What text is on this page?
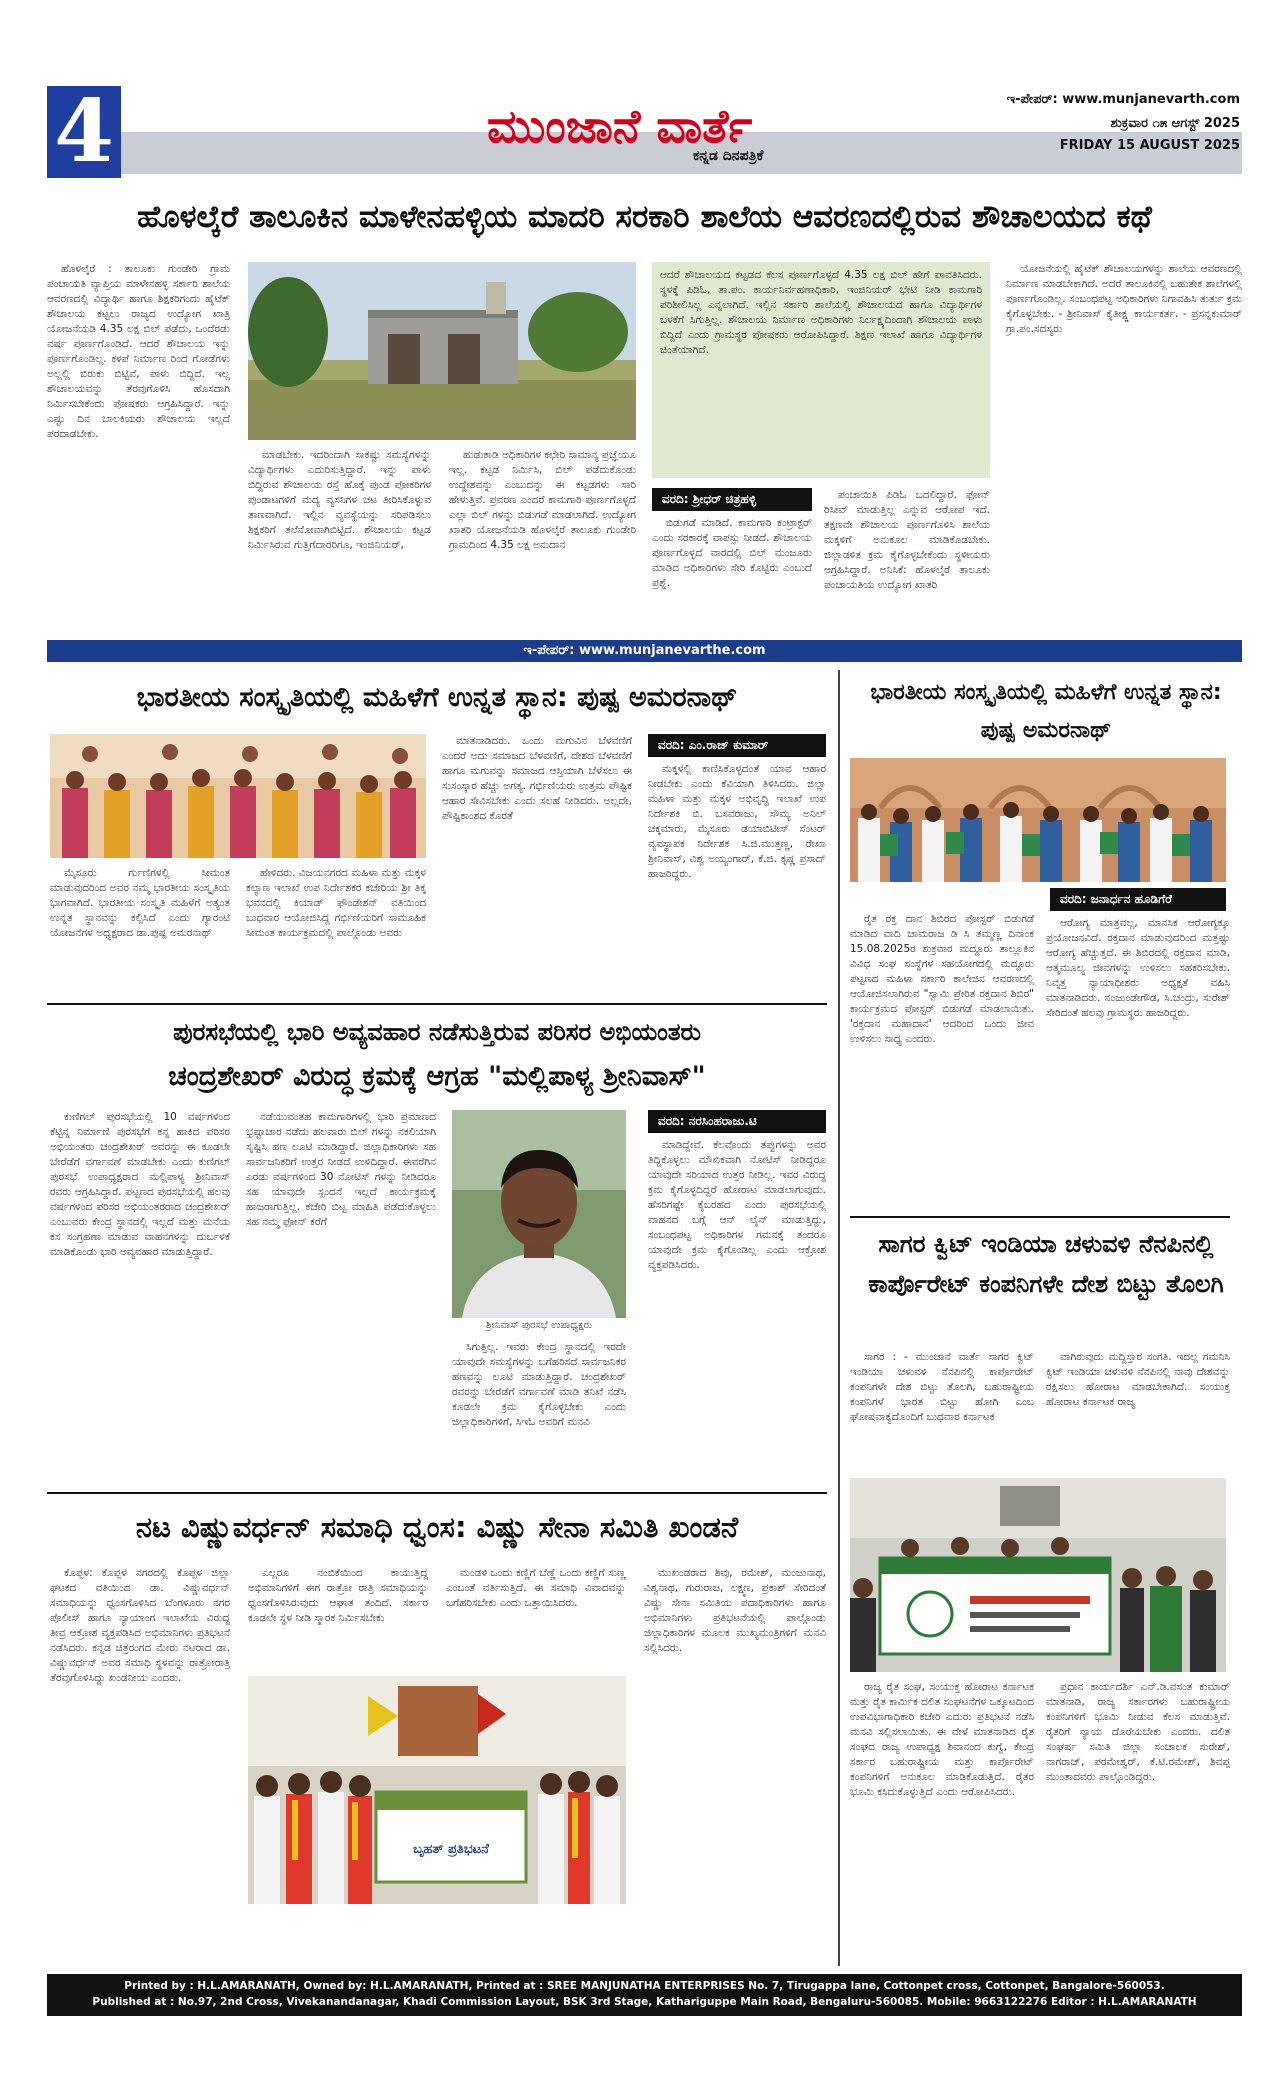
4	ಮುಂಜಾನೆ ವಾರ್ತೆ
ಕನ್ನಡ ದಿನಪತ್ರಿಕೆ
ಇ-ಪೇಪರ್: www.munjanevarth.com
ಶುಕ್ರವಾರ ೧೫ ಆಗಸ್ಟ್ 2025
FRIDAY 15 AUGUST 2025
ಹೊಳಲ್ಕೆರೆ ತಾಲೂಕಿನ ಮಾಳೇನಹಳ್ಳಿಯ ಮಾದರಿ ಸರಕಾರಿ ಶಾಲೆಯ ಆವರಣದಲ್ಲಿರುವ ಶೌಚಾಲಯದ ಕಥೆ

ಹೊಳಲ್ಕೆರೆ : ತಾಲೂಕು ಗುಂಡೇರಿ ಗ್ರಾಮ ಪಂಚಾಯತಿ ವ್ಯಾಪ್ತಿಯ ಮಾಳೇನಹಳ್ಳಿ ಸರ್ಕಾರಿ ಶಾಲೆಯ ಆವರಣದಲ್ಲಿ ವಿದ್ಯಾರ್ಥಿ ಹಾಗೂ ಶಿಕ್ಷಕರಿಗಂದು ಹೈಟೆಕ್ ಶೌಚಾಲಯ ಕಟ್ಟಲು ರಾಜ್ಯದ ಉದ್ಯೋಗ ಖಾತ್ರಿ ಯೋಜನೆಯಡಿ 4.35 ಲಕ್ಷ ಬಿಲ್ ಪಡೆದು, ಒಂದೆರಡು ವರ್ಷ ಪೂರ್ಣಗೊಂಡಿದೆ. ಆದರೆ ಶೌಚಾಲಯ ಇನ್ನು ಪೂರ್ಣಗೊಂಡಿಲ್ಲ. ಕಳಪೆ ನಿರ್ಮಾಣ ರಿಂದ ಗೋಡೆಗಳು ಅಲ್ಲಲ್ಲಿ ಬಿರುಕು ಬಿಟ್ಟಿವೆ, ಪಾಳು ಬಿದ್ದಿದೆ. ಇಲ್ಲ ಶೌಚಾಲಯವನ್ನು ತೆರವುಗೊಳಿಸಿ ಹೊಸದಾಗಿ ನಿರ್ಮಿಸಬೇಕೆಂದು ಪೋಷಕರು ಆಗ್ರಹಿಸಿದ್ದಾರೆ. ಇನ್ನು ಎಷ್ಟು ದಿನ ಬಾಲಕಿಯರು ಶೌಚಾಲಯ ಇಲ್ಲದೆ ಪರದಾಡಬೇಕು.

ಮಾಡಬೇಕು. ಇದರಿಂದಾಗಿ ಸಾಕಷ್ಟು ಸಮಸ್ಯೆಗಳನ್ನು ವಿದ್ಯಾರ್ಥಿಗಳು ಎದುರಿಸುತ್ತಿದ್ದಾರೆ. ಇನ್ನು ಪಾಳು ಬಿದ್ದಿರುವ ಶೌಚಾಲಯ ರಸ್ತೆ ಹೊಕ್ಕೆ ಪುಂಡ ಪೋಕರಿಗಳ ಪುಂಡಾಟಗಳಿಗೆ ಮದ್ಯ ವ್ಯಸನಿಗಳ ಚಟ ತೀರಿಸಿಕೊಳ್ಳುವ ತಾಣವಾಗಿದೆ. ಇಲ್ಲಿನ ವ್ಯವಸ್ಥೆಯನ್ನು ಸರಿಪಡಿಸಲು ಶಿಕ್ಷಕರಿಗೆ ತಲೆನೋವಾಗಿಬಿಟ್ಟಿದೆ. ಶೌಚಾಲಯ ಕಟ್ಟಡ ನಿರ್ಮಿಸಿರುವ ಗುತ್ತಿಗೆದಾರರಿಗೂ, ಇಂಜಿನಿಯರ್,

ಹುಡುಕಾಡಿ ಅಧಿಕಾರಿಗಳ ಕಛೇರಿ ಸಾಮಾನ್ಯ ಪ್ರಜ್ಞೆಯೂ ಇಲ್ಲ. ಕಟ್ಟಡ ನಿರ್ಮಿಸಿ, ಬಿಲ್ ಪಡೆದುಕೊಂಡು ಉದ್ದೇಶವನ್ನು ಎಂಬುದನ್ನು ಈ ಕಟ್ಟಡಗಳು ಸಾರಿ ಹೇಳುತ್ತಿವೆ. ಪ್ರವರಣ ಎಂದರೆ ಕಾಮಗಾರಿ ಪೂರ್ಣಗೊಳ್ಳದೆ ಎಲ್ಲಾ ಬಿಲ್ ಗಳನ್ನು ಬಿಡುಗಡೆ ಮಾಡಲಾಗಿದೆ. ಉದ್ಯೋಗ ಖಾತರಿ ಯೋಜನೆಯಡಿ ಹೊಳಲ್ಕೆರೆ ತಾಲೂಕು ಗುಂಡೇರಿ ಗ್ರಾಮದಿಂದ 4.35 ಲಕ್ಷ ಅನುದಾನ

ಆದರೆ ಶೌಚಾಲಯದ ಕಟ್ಟಡದ ಕೆಲಸ ಪೂರ್ಣಗೊಳ್ಳದೆ 4.35 ಲಕ್ಷ ಬಿಲ್ ಹೇಗೆ ಪಾವತಿಸಿದರು. ಸ್ಥಳಕ್ಕೆ ಪಿಡಿಓ, ತಾ.ಪಂ. ಕಾರ್ಯನಿರ್ವಹಣಾಧಿಕಾರಿ, ಇಂಜಿನಿಯರ್ ಭೇಟಿ ನೀಡಿ ಕಾಮಗಾರಿ ಪರಿಶೀಲಿಸಿಲ್ಲ ಎನ್ನಲಾಗಿದೆ. ಇಲ್ಲಿನ ಸರ್ಕಾರಿ ಶಾಲೆಯಲ್ಲಿ ಶೌಚಾಲಯದ ಹಾಗೂ ವಿದ್ಯಾರ್ಥಿಗಳ ಬಳಕೆಗೆ ಸಿಗುತ್ತಿಲ್ಲ. ಶೌಚಾಲಯ ನಿರ್ಮಾಣ ಅಧಿಕಾರಿಗಳು ನಿರ್ಲಕ್ಷ್ಯದಿಂದಾಗಿ ಶೌಚಾಲಯ ಪಾಳು ಬಿದ್ದಿದೆ ಎಂದು ಗ್ರಾಮಸ್ಥರ ಪೋಷಕರು ಆರೋಪಿಸಿದ್ದಾರೆ. ಶಿಕ್ಷಣ ಇಲಾಖೆ ಹಾಗೂ ವಿದ್ಯಾರ್ಥಿಗಳ ಚಿಂತೆಯಾಗಿದೆ.
ವರದಿ: ಶ್ರೀಧರ್ ಚಿತ್ರಹಳ್ಳಿ

ಬಿಡುಗಡೆ ಮಾಡಿದೆ. ಕಾಮಗಾರಿ ಕಂಟ್ರಾಕ್ಟರ್ ಎಂದು ಸರಕಾರಕ್ಕೆ ವಾಪಸ್ಸು ನೀಡದೆ. ಶೌಚಾಲಯ ಪೂರ್ಣಗೊಳ್ಳದೆ ವಾರದಲ್ಲಿ ಬಿಲ್ ಮಂಜೂರು ಮಾಡಿದ ಅಧಿಕಾರಿಗಳು ಸೇರಿ ಕೊಟ್ಟಿರು ಎಂಬುದೆ ಪ್ರಶ್ನೆ.

ಪಂಚಾಯಿತಿ ಪಿಡಿಓ ಬದಲಿದ್ದಾರೆ. ಫೋನ್ ರಿಸೀವ್ ಮಾಡುತ್ತಿಲ್ಲ ಎನ್ನುವ ಆರೋಪ ಇದೆ. ತಕ್ಷಣವೇ ಶೌಚಾಲಯ ಪೂರ್ಣಗೊಳಿಸಿ ಶಾಲೆಯ ಮಕ್ಕಳಿಗೆ ಅನುಕೂಲ ಮಾಡಿಕೊಡಬೇಕು. ಜಿಲ್ಲಾಡಳಿತ ಕ್ರಮ ಕೈಗೊಳ್ಳಬೇಕೆಂದು ಸ್ಥಳೀಯರು ಆಗ್ರಹಿಸಿದ್ದಾರೆ. ಅನಿಸಿಕೆ: ಹೊಳಲ್ಕೆರೆ ತಾಲೂಕು ಪಂಚಾಯತಿಯ ಉದ್ಯೋಗ ಖಾತರಿ

ಯೋಜನೆಯಲ್ಲಿ ಹೈಟೆಕ್ ಶೌಚಾಲಯಗಳನ್ನು ಶಾಲೆಯ ಆವರಣದಲ್ಲಿ ನಿರ್ಮಾಣ ಮಾಡಬೇಕಾಗಿದೆ. ಅದರೆ ತಾಲೂಕಿನಲ್ಲಿ ಬಹುತೇಕ ಶಾಲೆಗಳಲ್ಲಿ ಪೂರ್ಣಗೊಂಡಿಲ್ಲ. ಸಂಬಂಧಪಟ್ಟ ಅಧಿಕಾರಿಗಳು ನಿಗಾವಹಿಸಿ ತುರ್ತು ಕ್ರಮ ಕೈಗೊಳ್ಳಬೇಕು. - ಶ್ರೀನಿವಾಸ್ ಕೈತೀಕ್ಷ್ಣ ಕಾರ್ಯಕರ್ತ. - ಪ್ರಸನ್ನಕುಮಾರ್ ಗ್ರಾ.ಪಂ.ಸದಸ್ಯರು

ಇ-ಪೇಪರ್: www.munjanevarthe.com
ಭಾರತೀಯ ಸಂಸ್ಕೃತಿಯಲ್ಲಿ ಮಹಿಳೆಗೆ ಉನ್ನತ ಸ್ಥಾನ: ಪುಷ್ಪ ಅಮರನಾಥ್

ಮೈಸೂರು ರ್ಗುಣಿಗಳಲ್ಲಿ ಸೀಮಂತ ಮಾಡುವುದರಿಂದ ಅವರ ನಮ್ಮ ಭಾರತೀಯ ಸಂಸ್ಕೃತಿಯ ಭಾಗವಾಗಿದೆ. ಭಾರತೀಯ ಸಂಸ್ಕೃತಿ ಮಹಿಳೆಗೆ ಅತ್ಯಂತ ಉನ್ನತ ಸ್ಥಾನವನ್ನು ಕಲ್ಪಿಸಿದೆ ಎಂದು ಗ್ಯಾರಂಟಿ ಯೋಜನೆಗಳ ಅಧ್ಯಕ್ಷರಾದ ಡಾ.ಪುಷ್ಪ ಅಮರನಾಥ್

ಹೇಳಿದರು. ವಿಜಯನಗರದ ಮಹಿಳಾ ಮತ್ತು ಮಕ್ಕಳ ಕಲ್ಯಾಣ ಇಲಾಖೆ ಉಪ ನಿರ್ದೇಶಕರ ಕಚೇರಿಯ ಶ್ರೀ ತಿಕ್ಕ ಭವನದಲ್ಲಿ ಕಿಯಾಡ್ ಫೌಂಡೇಶನ್ ವತಿಯಿಂದ ಬುಧವಾರ ಆಯೋಜಿಸಿದ್ದ ಗರ್ಭಿಣಿಯರಿಗೆ ಸಾಮೂಹಿಕ ಸೀಮಂತ ಕಾರ್ಯಕ್ರಮದಲ್ಲಿ ಪಾಲ್ಗೊಂಡು ಅವರು

ಮಾತನಾಡಿದರು. ಒಂದು ಮಗುವಿನ ಬೆಳವಣಿಗೆ ಎಂದರೆ ಅದು ಸಮಾಜದ ಬೆಳವಣಿಗೆ, ದೇಶದ ಬೆಳವಣಿಗೆ ಹಾಗೂ ಮಗುವನ್ನು ಸಮಾಜದ ಆಸ್ತಿಯಾಗಿ ಬೆಳೆಸಲು ಈ ಸುಸಂಸ್ಕಾರ ಹೆಚ್ಚು ಅಗತ್ಯ. ಗರ್ಭಿಣಿಯರು ಉತ್ತಮ ಪೌಷ್ಟಿಕ ಆಹಾರ ಸೇವಿಸಬೇಕು ಎಂದು ಸಲಹೆ ನೀಡಿದರು. ಅಲ್ಲದೇ, ಪೌಷ್ಟಿಕಾಂಶದ ಕೊರತೆ

ವರದಿ: ಎಂ.ರಾಜ್ ಕುಮಾರ್

ಮಕ್ಕಳಲ್ಲಿ ಕಾಣಿಸಿಕೊಳ್ಳದಂತೆ ಯಾವ ಆಹಾರ ನೀಡಬೇಕು ಎಂದು ಕೆವಿಯಾಗಿ ತಿಳಿಸಿದರು. ಜಿಲ್ಲಾ ಮಹಿಳಾ ಮತ್ತು ಮಕ್ಕಳ ಅಭಿವೃದ್ಧಿ ಇಲಾಖೆ ಉಪ ನಿರ್ದೇಶಕಿ ಬಿ. ಬಸವರಾಜು, ಸೌಮ್ಯ ಅನಿಲ್ ಚಕ್ಕಮಾರು, ಮೈಸೂರು ಡಯಾಬಿಟೀಸ್ ಸೆಂಟರ್ ವ್ಯವಸ್ಥಾಪಕ ನಿರ್ದೇಶಕ ಸಿ.ಜಿ.ಮುತ್ತಣ್ಣ, ರೇಖಾ ಶ್ರೀನಿವಾಸ್, ವಿಶ್ವ ಅಯ್ಯಂಗಾರ್, ಕೆ.ಜಿ. ಕೃಷ್ಣ ಪ್ರಸಾದ್ ಹಾಜರಿದ್ದರು.

ಪುರಸಭೆಯಲ್ಲಿ ಭಾರಿ ಅವ್ಯವಹಾರ ನಡೆಸುತ್ತಿರುವ ಪರಿಸರ ಅಭಿಯಂತರು
ಚಂದ್ರಶೇಖರ್ ವಿರುದ್ಧ ಕ್ರಮಕ್ಕೆ ಆಗ್ರಹ "ಮಲ್ಲಿಪಾಳ್ಯ ಶ್ರೀನಿವಾಸ್"

ಕುಣಿಗಲ್ ಪುರಸಭೆಯಲ್ಲಿ 10 ವರ್ಷಗಳಿಂದ ಕೆಟ್ಟಿನ್ನ ನಿರ್ಮಾಣಿ ಪುರಸಭೆಗೆ ಕನ್ನ ಹಾಕಿದ ಪರಿಸರ ಅಭಿಯಂತರು ಚಂದ್ರಶೇಖರ್ ಅವರನ್ನು ಈ ಕೂಡಲೇ ಬೇರೆಡೆಗೆ ವರ್ಗಾವಣೆ ಮಾಡಬೇಕು ಎಂದು ಕುಣಿಗಲ್ ಪುರಸಭೆ ಉಪಾಧ್ಯಕ್ಷರಾದ ಮಲ್ಲಿಪಾಳ್ಯ ಶ್ರೀನಿವಾಸ್ ರವರು ಆಗ್ರಹಿಸಿದ್ದಾರೆ. ಪಟ್ಟಣದ ಪುರಸಭೆಯಲ್ಲಿ ಹಲವು ವರ್ಷಗಳಿಂದ ಪರಿಸರ ಅಭಿಯಂತರರಾದ ಚಂದ್ರಶೇಖರ್ ಎಂಬುವರು ಕೇಂದ್ರ ಸ್ಥಾನದಲ್ಲಿ ಇಲ್ಲದೆ ಮತ್ತು ಮನೆಯ ಕಸ ಸಂಗ್ರಹಣಾ ಮಾಡುವ ವಾಹನಗಳನ್ನು ದುರ್ಬಳಕೆ ಮಾಡಿಕೊಂಡು ಭಾರಿ ಅವ್ಯವಹಾರ ಮಾಡುತ್ತಿದ್ದಾರೆ.

ನಡೆಯುವಂತಹ ಕಾಮಗಾರಿಗಳಲ್ಲಿ ಭಾರಿ ಪ್ರಮಾಣದ ಭ್ರಷ್ಟಾಚಾರ ನಡೆದು ಹಲವಾರು ಬಿಲ್ ಗಳನ್ನು ನಕಲಿಯಾಗಿ ಸೃಷ್ಟಿಸಿ ಹಣ ಲೂಟಿ ಮಾಡಿದ್ದಾರೆ. ಜಿಲ್ಲಾಧಿಕಾರಿಗಳು ಸಹ ಸಾರ್ವಜನಿಕರಿಗೆ ಉತ್ತರ ನೀಡದೆ ಉಳಿದಿದ್ದಾರೆ. ಈವರೆಗಿನ ಎರಡು ವರ್ಷಗಳಿಂದ 30 ನೋಟಿಸ್ ಗಳನ್ನು ನೀಡಿದರೂ ಸಹ ಯಾವುದೇ ಸ್ಪಂದನೆ ಇಲ್ಲದೆ ಕಾರ್ಯಕ್ರಮಕ್ಕೆ ಹಾಜರಾಗುತ್ತಿಲ್ಲ. ಕಚೇರಿ ಬಿಟ್ಟ ಮಾಹಿತಿ ಪಡೆದುಕೊಳ್ಳಲು ಸಹ ನಮ್ಮ ಫೋನ್ ಕರೆಗೆ

ಶ್ರೀನಿವಾಸ್ ಪುರಸಭೆ ಉಪಾಧ್ಯಕ್ಷರು

ಸಿಗುತ್ತಿಲ್ಲ. ಇವರು ಕೇಂದ್ರ ಸ್ಥಾನದಲ್ಲಿ ಇರದೇ ಯಾವುದೇ ಸಮಸ್ಯೆಗಳನ್ನು ಬಗೆಹರಿಸದೆ ಸಾರ್ವಜನಿಕರ ಹಣವನ್ನು ಲೂಟಿ ಮಾಡುತ್ತಿದ್ದಾರೆ. ಚಂದ್ರಶೇಖರ್ ರವರನ್ನು ಬೇರೆಡೆಗೆ ವರ್ಗಾವಣೆ ಮಾಡಿ ತನಿಖೆ ನಡೆಸಿ ಕೂಡಲೇ ಕ್ರಮ ಕೈಗೊಳ್ಳಬೇಕು ಎಂದು ಜಿಲ್ಲಾಧಿಕಾರಿಗಳಿಗೆ, ಸಿಇಓ ಅವರಿಗೆ ಮನವಿ

ವರದಿ: ನರಸಿಂಹರಾಜು.ಟಿ

ಮಾಡಿದ್ದೇವೆ. ಕೆಲವೊಂದು ತಪ್ಪುಗಳನ್ನು ಅವರ ತಿದ್ದಿಕೊಳ್ಳಲು ಮೌಖಿಕವಾಗಿ ನೋಟಿಸ್ ನೀಡಿದ್ದರೂ ಯಾವುದೇ ಸರಿಯಾದ ಉತ್ತರ ನೀಡಿಲ್ಲ. ಇವರ ವಿರುದ್ಧ ಕ್ರಮ ಕೈಗೊಳ್ಳದಿದ್ದರೆ ಹೋರಾಟ ಮಾಡಲಾಗುವುದು. ಹೆಸರಿಗಷ್ಟೇ ಕೈಬರಹದ ಎಂದು ಪುರಸಭೆಯಲ್ಲಿ ವಾಹನದ ಬಗ್ಗೆ ಆನ್ ಲೈನ್ ಮಾಡುತ್ತಿದ್ದು, ಸಂಬಂಧಪಟ್ಟ ಅಧಿಕಾರಿಗಳ ಗಮನಕ್ಕೆ ತಂದರೂ ಯಾವುದೇ ಕ್ರಮ ಕೈಗೊಂಡಿಲ್ಲ ಎಂದು ಆಕ್ರೋಶ ವ್ಯಕ್ತಪಡಿಸಿದರು.

ಭಾರತೀಯ ಸಂಸ್ಕೃತಿಯಲ್ಲಿ ಮಹಿಳೆಗೆ ಉನ್ನತ ಸ್ಥಾನ: ಪುಷ್ಪ ಅಮರನಾಥ್
ವರದಿ: ಜನಾರ್ಧನ ಹೂಡಿಗೆರೆ

ರೈತ ರಕ್ತ ದಾನ ಶಿಬಿರದ ಪೋಸ್ಟರ್ ಬಿಡುಗಡೆ ಮಾಡಿದ ವಾದಿ ಚಾಮರಾಜ ಡಿ ಸಿ ತಮ್ಮಣ್ಣ ದಿನಾಂಕ 15.08.2025ರ ಶುಕ್ರವಾರ ಮದ್ದೂರು ತಾಲ್ಲೂಕಿನ ವಿವಿಧ ಸಂಘ ಸಂಸ್ಥೆಗಳ ಸಹಯೋಗದಲ್ಲಿ ಮದ್ದೂರು ಪಟ್ಟಣದ ಮಹಿಳಾ ಸರ್ಕಾರಿ ಕಾಲೇಜಿನ ಆವರಣದಲ್ಲಿ ಆಯೋಜಿಸಲಾಗಿರುವ "ಸ್ವಾಮಿ ಪ್ರೇರಿತ ರಕ್ತದಾನ ಶಿಬಿರ" ಕಾರ್ಯಕ್ರಮದ ಪೋಸ್ಟರ್ ಬಿಡುಗಡೆ ಮಾಡಲಾಯಿತು. 'ರಕ್ತದಾನ ಮಹಾದಾನ' ಆದರಿಂದ ಒಂದು ಜೀವ ಉಳಿಸಲು ಸಾಧ್ಯ ಎಂದರು.

ಆರೋಗ್ಯ ಮಾತ್ರವಲ್ಲ, ಮಾನಸಿಕ ಆರೋಗ್ಯಕ್ಕೂ ಪ್ರಯೋಜನವಿದೆ. ರಕ್ತದಾನ ಮಾಡುವುದರಿಂದ ಮತ್ತಷ್ಟು ಆರೋಗ್ಯ ಹೆಚ್ಚುತ್ತದೆ. ಈ ಶಿಬಿರದಲ್ಲಿ ರಕ್ತದಾನ ಮಾಡಿ, ಆತ್ಮಮೂಲ್ಯ ಜೀವಗಳನ್ನು ಉಳಿಸಲು ಸಹಕರಿಸಬೇಕು. ನಿವೃತ್ತ ನ್ಯಾಯಾಧೀಶರು ಅಧ್ಯಕ್ಷತೆ ವಹಿಸಿ ಮಾತನಾಡಿದರು. ನಂಜುಂಡೇಗೌಡ, ಸಿ.ಚಂದ್ರು, ಸುರೇಶ್ ಸೇರಿದಂತೆ ಹಲವು ಗ್ರಾಮಸ್ಥರು ಹಾಜರಿದ್ದರು.

ಸಾಗರ ಕ್ವಿಟ್ ಇಂಡಿಯಾ ಚಳುವಳಿ ನೆನಪಿನಲ್ಲಿ ಕಾರ್ಪೊರೇಟ್ ಕಂಪನಿಗಳೇ ದೇಶ ಬಿಟ್ಟು ತೊಲಗಿ

ಸಾಗರ : - ಮುಂಜಾನೆ ವಾರ್ತೆ ಸಾಗರ ಕ್ವಿಟ್ ಇಂಡಿಯಾ ಚಳುವಳಿ ನೆನಪಿನಲ್ಲಿ ಕಾರ್ಪೊರೇಟ್ ಕಂಪನಿಗಳೇ ದೇಶ ಬಿಟ್ಟು ತೊಲಗಿ, ಬಹುರಾಷ್ಟ್ರೀಯ ಕಂಪನಿಗಳೆ ಭಾರತ ಬಿಟ್ಟು ಹೋಗಿ ಎಂಬ ಘೋಷವಾಕ್ಯದೊಂದಿಗೆ ಬುಧವಾರ ಕರ್ನಾಟಕ

ವಾಗಿರುವುದು ಮದ್ದಿಸ್ತಾರ ಸಂಗತಿ. ಇದಲ್ಲ ಗಮನಿಸಿ ಕ್ವಿಟ್ ಇಂಡಿಯಾ ಚಳುವಳಿ ನೆನಪಿನಲ್ಲಿ ನಾವು ದೇಶವನ್ನು ರಕ್ಷಿಸಲು ಹೋರಾಟ ಮಾಡಬೇಕಾಗಿದೆ. ಸಂಯುಕ್ತ ಹೋರಾಟ ಕರ್ನಾಟಕ ರಾಜ್ಯ

ರಾಜ್ಯ ರೈತ ಸಂಘ, ಸಂಯುಕ್ತ ಹೋರಾಟ ಕರ್ನಾಟಕ ಮತ್ತು ರೈತ ಕಾರ್ಮಿಕ ದಲಿತ ಸಂಘಟನೆಗಳ ಒಕ್ಕೂಟದಿಂದ ಉಪವಿಭಾಗಾಧಿಕಾರಿ ಕಚೇರಿ ಎದುರು ಪ್ರತಿಭಟನೆ ನಡೆಸಿ ಮನವಿ ಸಲ್ಲಿಸಲಾಯಿತು. ಈ ವೇಳೆ ಮಾತನಾಡಿದ ರೈತ ಸಂಘದ ರಾಜ್ಯ ಉಪಾಧ್ಯಕ್ಷ ಶಿವಾನಂದ ಕುಗ್ವೆ, ಕೇಂದ್ರ ಸರ್ಕಾರ ಬಹುರಾಷ್ಟ್ರೀಯ ಮತ್ತು ಕಾರ್ಪೊರೇಟ್ ಕಂಪನಿಗಳಿಗೆ ಅನುಕೂಲ ಮಾಡಿಕೊಡುತ್ತಿದೆ. ರೈತರ ಭೂಮಿ ಕಸಿದುಕೊಳ್ಳುತ್ತಿದೆ ಎಂದು ಆರೋಪಿಸಿದರು.

ಪ್ರಧಾನ ಕಾರ್ಯದರ್ಶಿ ಎನ್.ಡಿ.ವಸಂತ ಕುಮಾರ್ ಮಾತನಾಡಿ, ರಾಜ್ಯ ಸರ್ಕಾರಗಳು ಬಹುರಾಷ್ಟ್ರೀಯ ಕಂಪನಿಗಳಿಗೆ ಭೂಮಿ ನೀಡುವ ಕೆಲಸ ಮಾಡುತ್ತಿವೆ. ರೈತರಿಗೆ ನ್ಯಾಯ ದೊರೆಯಬೇಕು ಎಂದರು. ದಲಿತ ಸಂಘರ್ಷ ಸಮಿತಿ ಜಿಲ್ಲಾ ಸಂಚಾಲಕ ಸುರೇಶ್, ನಾಗರಾಜ್, ಪರಮೇಶ್ವರ್, ಕೆ.ಟಿ.ರಮೇಶ್, ಶಿವಪ್ಪ ಮುಂತಾದವರು ಪಾಲ್ಗೊಂಡಿದ್ದರು.

ನಟ ವಿಷ್ಣುವರ್ಧನ್ ಸಮಾಧಿ ಧ್ವಂಸ: ವಿಷ್ಣು ಸೇನಾ ಸಮಿತಿ ಖಂಡನೆ

ಕೊಪ್ಪಳ: ಕೊಪ್ಪಳ ನಗರದಲ್ಲಿ ಕೊಪ್ಪಳ ಜಿಲ್ಲಾ ಘಟಕದ ವತಿಯಿಂದ ಡಾ. ವಿಷ್ಣುವರ್ಧನ್ ಸಮಾಧಿಯನ್ನು ಧ್ವಂಸಗೊಳಿಸಿದ ಬೆಂಗಳೂರು ನಗರ ಪೊಲೀಸ್ ಹಾಗೂ ನ್ಯಾಯಾಂಗ ಇಲಾಖೆಯ ವಿರುದ್ಧ ತೀವ್ರ ಆಕ್ರೋಶ ವ್ಯಕ್ತಪಡಿಸಿದ ಅಭಿಮಾನಿಗಳು ಪ್ರತಿಭಟನೆ ನಡೆಸಿದರು. ಕನ್ನಡ ಚಿತ್ರರಂಗದ ಮೇರು ನಟರಾದ ಡಾ. ವಿಷ್ಣುವರ್ಧನ್ ಅವರ ಸಮಾಧಿ ಸ್ಥಳವನ್ನು ರಾತ್ರೋರಾತ್ರಿ ತೆರವುಗೊಳಿಸಿದ್ದು ಖಂಡನೀಯ ಎಂದರು.

ಎಲ್ಲರೂ ನಂಬಿಕೆಯಿಂದ ಕಾಯುತ್ತಿದ್ದ ಅಭಿಮಾನಿಗಳಿಗೆ ಈಗ ರಾತ್ರೋ ರಾತ್ರಿ ಸಮಾಧಿಯನ್ನು ಧ್ವಂಸಗೊಳಿಸಿರುವುದು ಆಘಾತ ತಂದಿದೆ. ಸರ್ಕಾರ ಕೂಡಲೇ ಸ್ಥಳ ನೀಡಿ ಸ್ಮಾರಕ ನಿರ್ಮಿಸಬೇಕು

ಮಂಡಳಿ ಒಂದು ಕಣ್ಣಿಗೆ ಬೆಣ್ಣೆ ಒಂದು ಕಣ್ಣಿಗೆ ಸುಣ್ಣ ಎಂಬಂತೆ ವರ್ತಿಸುತ್ತಿದೆ. ಈ ಸಮಾಧಿ ವಿವಾದವನ್ನು ಬಗೆಹರಿಸಬೇಕು ಎಂದು ಒತ್ತಾಯಿಸಿದರು.

ಬೃಹತ್ ಪ್ರತಿಭಟನೆ

ಮುಖಂಡರಾದ ಶಿವು, ರಮೇಶ್, ಮಂಜುನಾಥ, ವಿಶ್ವನಾಥ, ಗುರುರಾಜ, ಲಕ್ಷ್ಮಣ, ಪ್ರಕಾಶ್ ಸೇರಿದಂತೆ ವಿಷ್ಣು ಸೇನಾ ಸಮಿತಿಯ ಪದಾಧಿಕಾರಿಗಳು ಹಾಗೂ ಅಭಿಮಾನಿಗಳು ಪ್ರತಿಭಟನೆಯಲ್ಲಿ ಪಾಲ್ಗೊಂಡು ಜಿಲ್ಲಾಧಿಕಾರಿಗಳ ಮೂಲಕ ಮುಖ್ಯಮಂತ್ರಿಗಳಿಗೆ ಮನವಿ ಸಲ್ಲಿಸಿದರು.

Printed by : H.L.AMARANATH, Owned by: H.L.AMARANATH, Printed at : SREE MANJUNATHA ENTERPRISES No. 7, Tirugappa lane, Cottonpet cross, Cottonpet, Bangalore-560053.
Published at : No.97, 2nd Cross, Vivekanandanagar, Khadi Commission Layout, BSK 3rd Stage, Kathariguppe Main Road, Bengaluru-560085. Mobile: 9663122276 Editor : H.L.AMARANATH
